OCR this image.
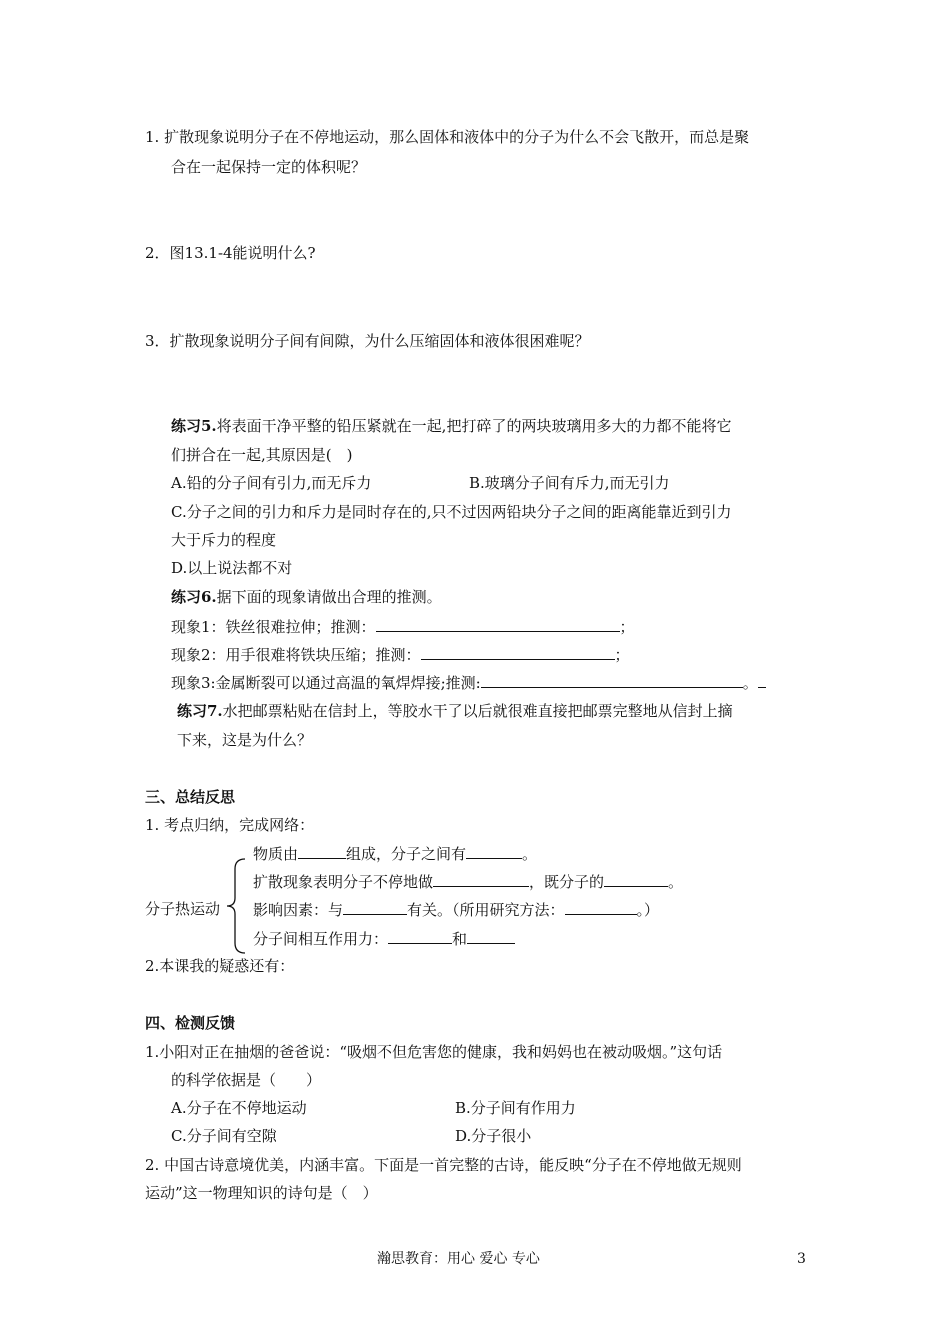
1. 扩散现象说明分子在不停地运动，那么固体和液体中的分子为什么不会飞散开，而总是聚
合在一起保持一定的体积呢？
2．图13.1-4能说明什么?
3．扩散现象说明分子间有间隙，为什么压缩固体和液体很困难呢？
练习5.将表面干净平整的铅压紧就在一起,把打碎了的两块玻璃用多大的力都不能将它
们拼合在一起,其原因是(　)
A.铅的分子间有引力,而无斥力	B.玻璃分子间有斥力,而无引力
C.分子之间的引力和斥力是同时存在的,只不过因两铅块分子之间的距离能靠近到引力
大于斥力的程度
D.以上说法都不对
练习6.据下面的现象请做出合理的推测。
现象1：铁丝很难拉伸；推测：	；
现象2：用手很难将铁块压缩；推测：	；
现象3:金属断裂可以通过高温的氧焊焊接;推测:	。
练习7.水把邮票粘贴在信封上，等胶水干了以后就很难直接把邮票完整地从信封上摘
下来，这是为什么？
三、总结反思
1. 考点归纳，完成网络：
分子热运动
物质由	组成，分子之间有	。
扩散现象表明分子不停地做	，既分子的	。
影响因素：与	有关。（所用研究方法：	。）
分子间相互作用力：	和
2.本课我的疑惑还有：
四、检测反馈
1.小阳对正在抽烟的爸爸说：“吸烟不但危害您的健康，我和妈妈也在被动吸烟。”这句话
的科学依据是（　　）
A.分子在不停地运动	B.分子间有作用力
C.分子间有空隙	D.分子很小
2. 中国古诗意境优美，内涵丰富。下面是一首完整的古诗，能反映“分子在不停地做无规则
运动”这一物理知识的诗句是（　）
瀚思教育：用心 爱心 专心	3
